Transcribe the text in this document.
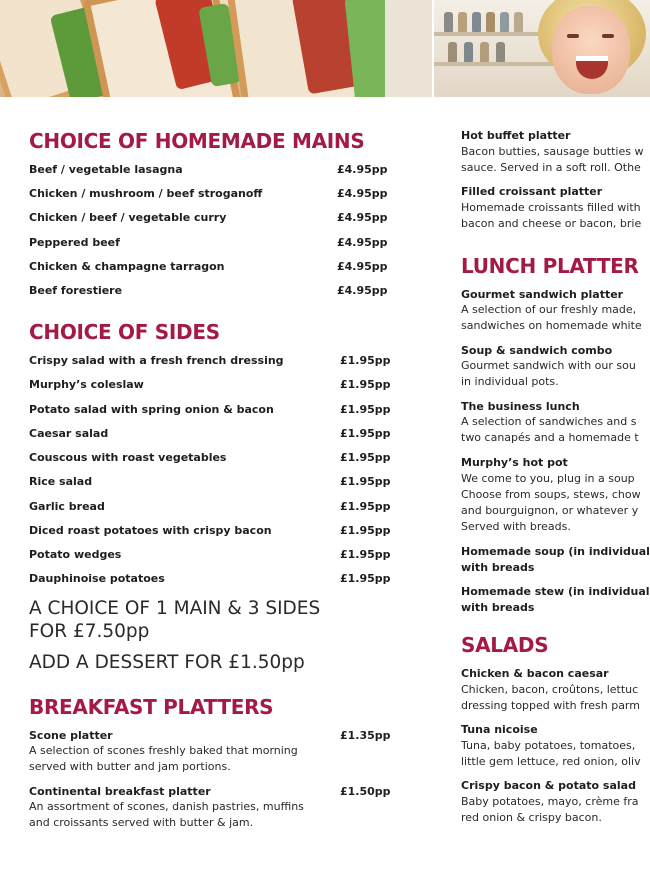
CHOICE OF HOMEMADE MAINS
Beef / vegetable lasagna	£4.95pp
Chicken / mushroom / beef stroganoff	£4.95pp
Chicken / beef / vegetable curry	£4.95pp
Peppered beef	£4.95pp
Chicken & champagne tarragon	£4.95pp
Beef forestiere	£4.95pp
CHOICE OF SIDES
Crispy salad with a fresh french dressing	£1.95pp
Murphy’s coleslaw	£1.95pp
Potato salad with spring onion & bacon	£1.95pp
Caesar salad	£1.95pp
Couscous with roast vegetables	£1.95pp
Rice salad	£1.95pp
Garlic bread	£1.95pp
Diced roast potatoes with crispy bacon	£1.95pp
Potato wedges	£1.95pp
Dauphinoise potatoes	£1.95pp
A CHOICE OF 1 MAIN & 3 SIDES
FOR £7.50pp
ADD A DESSERT FOR £1.50pp
BREAKFAST PLATTERS
Scone platter	£1.35pp
A selection of scones freshly baked that morning
served with butter and jam portions.
Continental breakfast platter	£1.50pp
An assortment of scones, danish pastries, muffins
and croissants served with butter & jam.
Hot buffet platter
Bacon butties, sausage butties w
sauce. Served in a soft roll. Othe
Filled croissant platter
Homemade croissants filled with
bacon and cheese or bacon, brie
LUNCH PLATTER
Gourmet sandwich platter
A selection of our freshly made,
sandwiches on homemade white
Soup & sandwich combo
Gourmet sandwich with our sou
in individual pots.
The business lunch
A selection of sandwiches and s
two canapés and a homemade t
Murphy’s hot pot
We come to you, plug in a soup
Choose from soups, stews, chow
and bourguignon, or whatever y
Served with breads.
Homemade soup (in individual
with breads
Homemade stew (in individual
with breads
SALADS
Chicken & bacon caesar
Chicken, bacon, croûtons, lettuc
dressing topped with fresh parm
Tuna nicoise
Tuna, baby potatoes, tomatoes,
little gem lettuce, red onion, oliv
Crispy bacon & potato salad
Baby potatoes, mayo, crème fra
red onion & crispy bacon.
